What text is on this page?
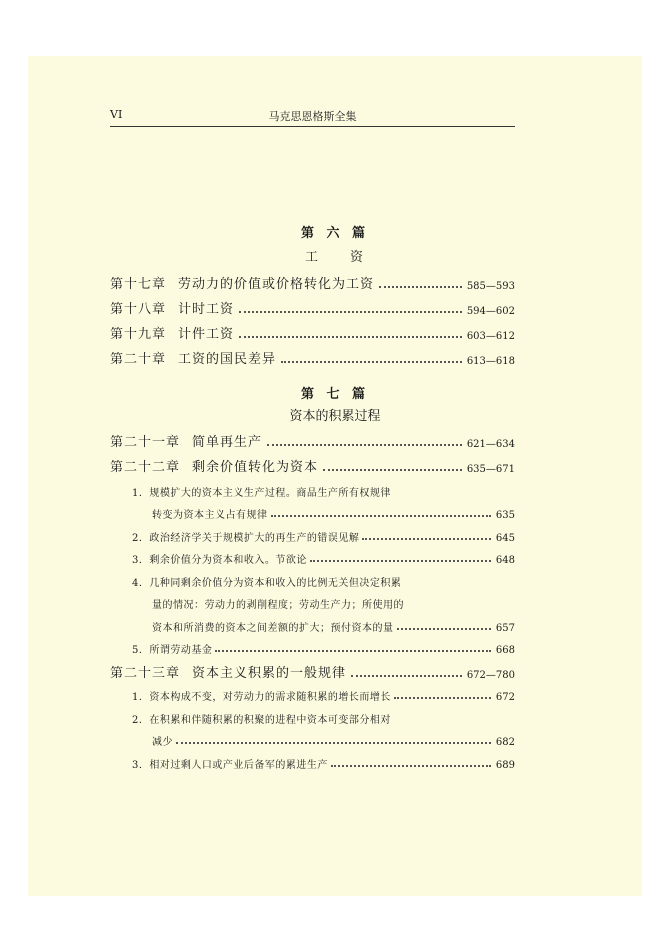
VI	马克思恩格斯全集
第 六 篇
工　　资
第十七章 劳动力的价值或价格转化为工资	585—593
第十八章 计时工资	594—602
第十九章 计件工资	603—612
第二十章 工资的国民差异	613—618
第 七 篇
资本的积累过程
第二十一章 简单再生产	621—634
第二十二章 剩余价值转化为资本	635—671
1．规模扩大的资本主义生产过程。商品生产所有权规律
转变为资本主义占有规律	635
2．政治经济学关于规模扩大的再生产的错误见解	645
3．剩余价值分为资本和收入。节欲论	648
4．几种同剩余价值分为资本和收入的比例无关但决定积累
量的情况：劳动力的剥削程度；劳动生产力；所使用的
资本和所消费的资本之间差额的扩大；预付资本的量	657
5．所谓劳动基金	668
第二十三章 资本主义积累的一般规律	672—780
1．资本构成不变，对劳动力的需求随积累的增长而增长	672
2．在积累和伴随积累的积聚的进程中资本可变部分相对
减少	682
3．相对过剩人口或产业后备军的累进生产	689
